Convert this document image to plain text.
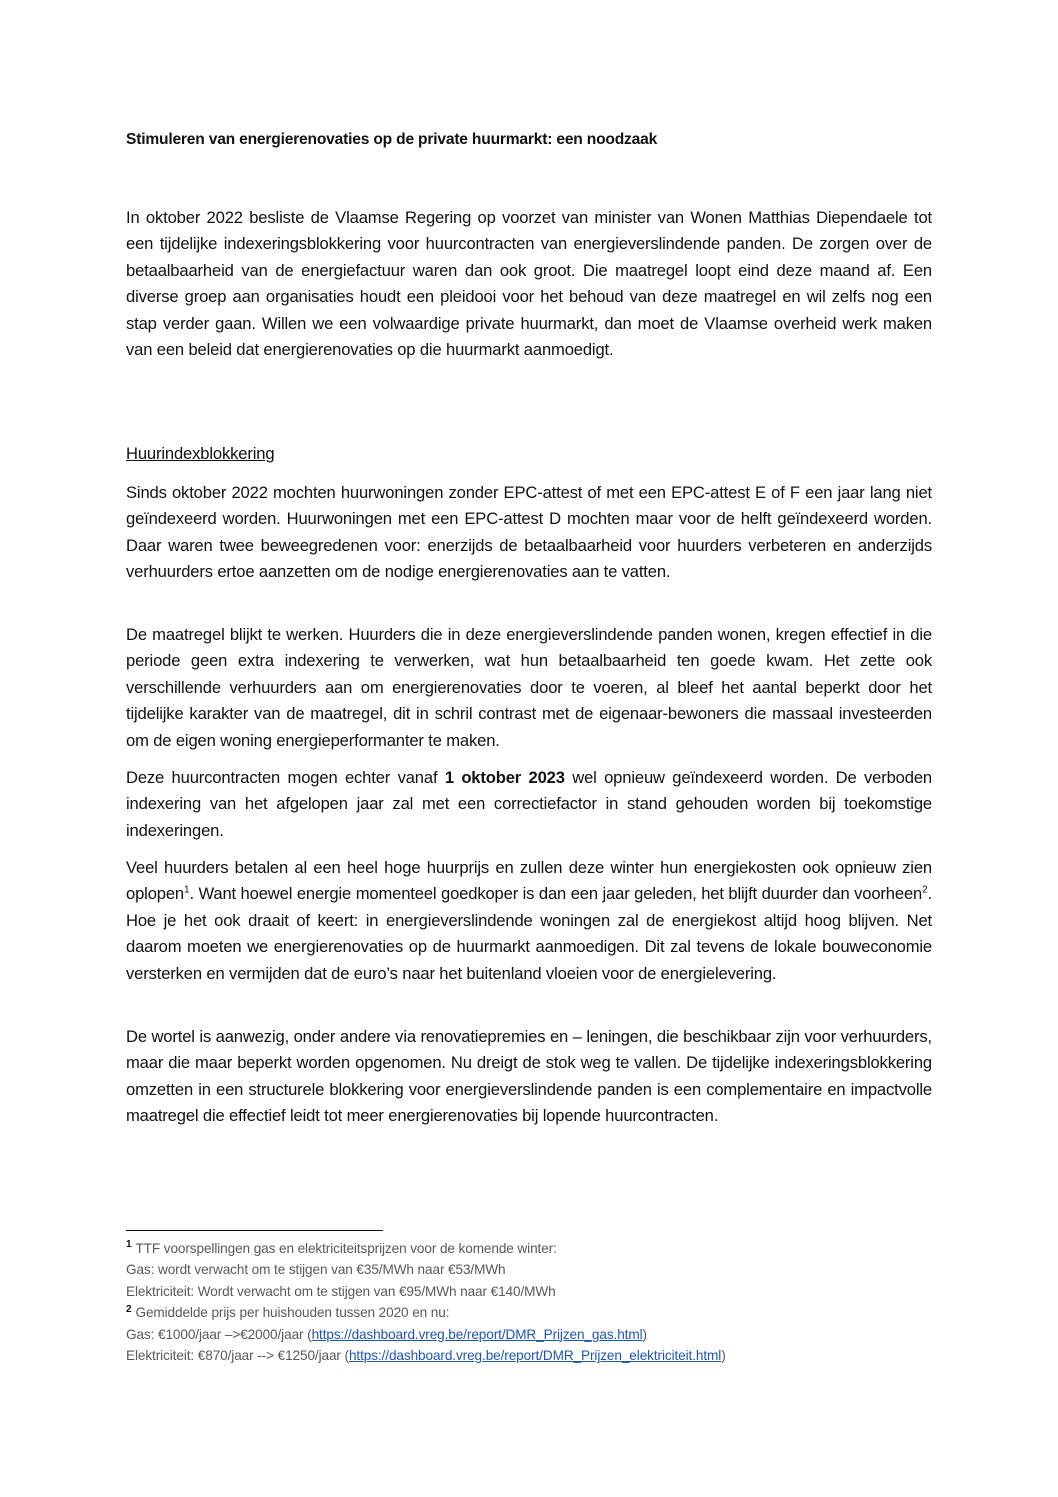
Stimuleren van energierenovaties op de private huurmarkt: een noodzaak
In oktober 2022 besliste de Vlaamse Regering op voorzet van minister van Wonen Matthias Diependaele tot een tijdelijke indexeringsblokkering voor huurcontracten van energieverslindende panden. De zorgen over de betaalbaarheid van de energiefactuur waren dan ook groot. Die maatregel loopt eind deze maand af. Een diverse groep aan organisaties houdt een pleidooi voor het behoud van deze maatregel en wil zelfs nog een stap verder gaan. Willen we een volwaardige private huurmarkt, dan moet de Vlaamse overheid werk maken van een beleid dat energierenovaties op die huurmarkt aanmoedigt.
Huurindexblokkering
Sinds oktober 2022 mochten huurwoningen zonder EPC-attest of met een EPC-attest E of F een jaar lang niet geïndexeerd worden. Huurwoningen met een EPC-attest D mochten maar voor de helft geïndexeerd worden. Daar waren twee beweegredenen voor: enerzijds de betaalbaarheid voor huurders verbeteren en anderzijds verhuurders ertoe aanzetten om de nodige energierenovaties aan te vatten.
De maatregel blijkt te werken. Huurders die in deze energieverslindende panden wonen, kregen effectief in die periode geen extra indexering te verwerken, wat hun betaalbaarheid ten goede kwam. Het zette ook verschillende verhuurders aan om energierenovaties door te voeren, al bleef het aantal beperkt door het tijdelijke karakter van de maatregel, dit in schril contrast met de eigenaar-bewoners die massaal investeerden om de eigen woning energieperformanter te maken.
Deze huurcontracten mogen echter vanaf 1 oktober 2023 wel opnieuw geïndexeerd worden. De verboden indexering van het afgelopen jaar zal met een correctiefactor in stand gehouden worden bij toekomstige indexeringen.
Veel huurders betalen al een heel hoge huurprijs en zullen deze winter hun energiekosten ook opnieuw zien oplopen$^1$. Want hoewel energie momenteel goedkoper is dan een jaar geleden, het blijft duurder dan voorheen$^2$. Hoe je het ook draait of keert: in energieverslindende woningen zal de energiekost altijd hoog blijven. Net daarom moeten we energierenovaties op de huurmarkt aanmoedigen. Dit zal tevens de lokale bouweconomie versterken en vermijden dat de euro’s naar het buitenland vloeien voor de energielevering.
De wortel is aanwezig, onder andere via renovatiepremies en – leningen, die beschikbaar zijn voor verhuurders, maar die maar beperkt worden opgenomen. Nu dreigt de stok weg te vallen. De tijdelijke indexeringsblokkering omzetten in een structurele blokkering voor energieverslindende panden is een complementaire en impactvolle maatregel die effectief leidt tot meer energierenovaties bij lopende huurcontracten.
$^1$ TTF voorspellingen gas en elektriciteitsprijzen voor de komende winter:
Gas: wordt verwacht om te stijgen van €35/MWh naar €53/MWh
Elektriciteit: Wordt verwacht om te stijgen van €95/MWh naar €140/MWh
$^2$ Gemiddelde prijs per huishouden tussen 2020 en nu:
Gas: €1000/jaar –>€2000/jaar (https://dashboard.vreg.be/report/DMR_Prijzen_gas.html)
Elektriciteit: €870/jaar --> €1250/jaar (https://dashboard.vreg.be/report/DMR_Prijzen_elektriciteit.html)
